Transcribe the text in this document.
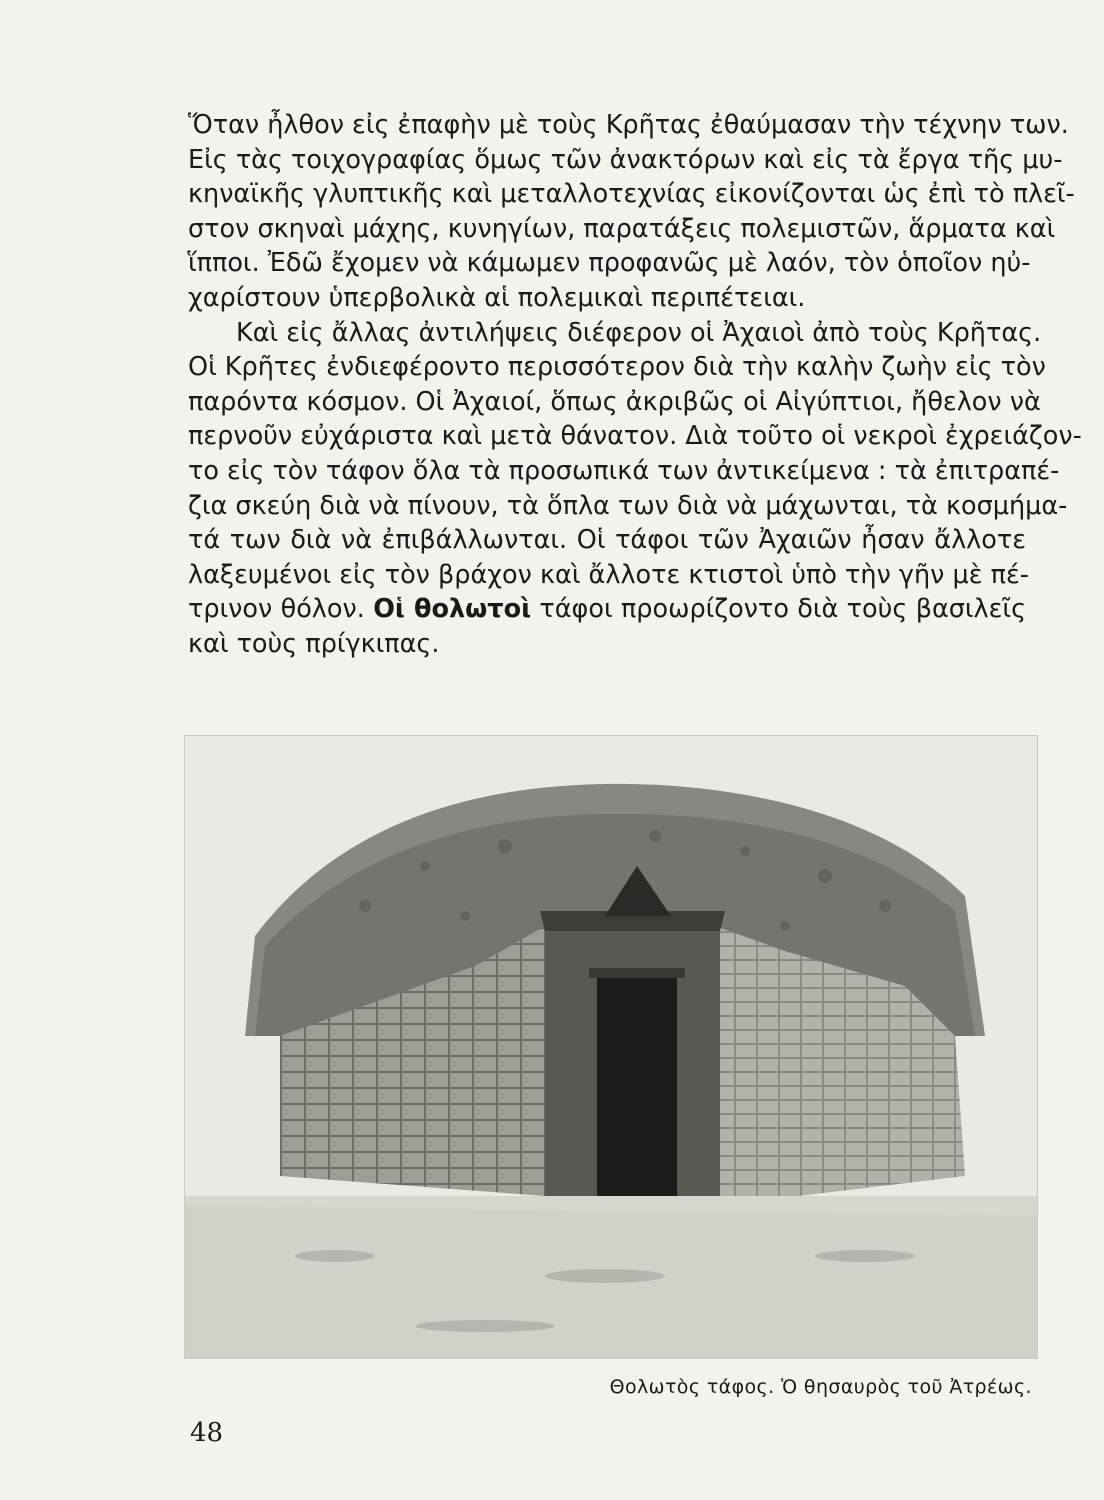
Ὅταν ἦλθον εἰς ἐπαφὴν μὲ τοὺς Κρῆτας ἐθαύμασαν τὴν τέχνην των.
Εἰς τὰς τοιχογραφίας ὅμως τῶν ἀνακτόρων καὶ εἰς τὰ ἔργα τῆς μυ-
κηναϊκῆς γλυπτικῆς καὶ μεταλλοτεχνίας εἰκονίζονται ὡς ἐπὶ τὸ πλεῖ-
στον σκηναὶ μάχης, κυνηγίων, παρατάξεις πολεμιστῶν, ἅρματα καὶ
ἵπποι. Ἐδῶ ἔχομεν νὰ κάμωμεν προφανῶς μὲ λαόν, τὸν ὁποῖον ηὐ-
χαρίστουν ὑπερβολικὰ αἱ πολεμικαὶ περιπέτειαι.

Καὶ εἰς ἄλλας ἀντιλήψεις διέφερον οἱ Ἀχαιοὶ ἀπὸ τοὺς Κρῆτας.
Οἱ Κρῆτες ἐνδιεφέροντο περισσότερον διὰ τὴν καλὴν ζωὴν εἰς τὸν
παρόντα κόσμον. Οἱ Ἀχαιοί, ὅπως ἀκριβῶς οἱ Αἰγύπτιοι, ἤθελον νὰ
περνοῦν εὐχάριστα καὶ μετὰ θάνατον. Διὰ τοῦτο οἱ νεκροὶ ἐχρειάζον-
το εἰς τὸν τάφον ὅλα τὰ προσωπικά των ἀντικείμενα : τὰ ἐπιτραπέ-
ζια σκεύη διὰ νὰ πίνουν, τὰ ὅπλα των διὰ νὰ μάχωνται, τὰ κοσμήμα-
τά των διὰ νὰ ἐπιβάλλωνται. Οἱ τάφοι τῶν Ἀχαιῶν ἦσαν ἄλλοτε
λαξευμένοι εἰς τὸν βράχον καὶ ἄλλοτε κτιστοὶ ὑπὸ τὴν γῆν μὲ πέ-
τρινον θόλον. Οἱ θολωτοὶ τάφοι προωρίζοντο διὰ τοὺς βασιλεῖς
καὶ τοὺς πρίγκιπας.

Θολωτὸς τάφος. Ὁ θησαυρὸς τοῦ Ἀτρέως.
48
